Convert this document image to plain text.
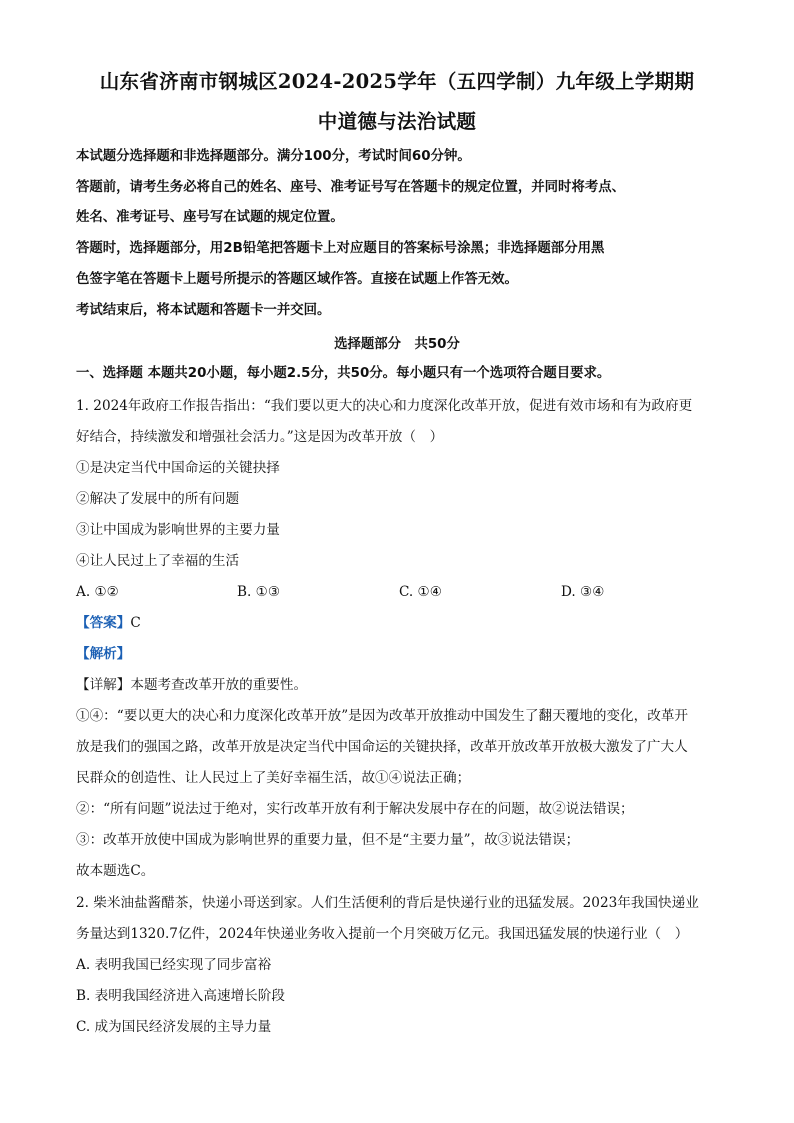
山东省济南市钢城区2024-2025学年（五四学制）九年级上学期期
中道德与法治试题
本试题分选择题和非选择题部分。满分100分，考试时间60分钟。
答题前，请考生务必将自己的姓名、座号、准考证号写在答题卡的规定位置，并同时将考点、
姓名、准考证号、座号写在试题的规定位置。
答题时，选择题部分，用2B铅笔把答题卡上对应题目的答案标号涂黑；非选择题部分用黑
色签字笔在答题卡上题号所提示的答题区域作答。直接在试题上作答无效。
考试结束后，将本试题和答题卡一并交回。
选择题部分　共50分
一、选择题 本题共20小题，每小题2.5分，共50分。每小题只有一个选项符合题目要求。
1. 2024年政府工作报告指出：“我们要以更大的决心和力度深化改革开放，促进有效市场和有为政府更
好结合，持续激发和增强社会活力。”这是因为改革开放（　）
①是决定当代中国命运的关键抉择
②解决了发展中的所有问题
③让中国成为影响世界的主要力量
④让人民过上了幸福的生活
A. ①②	B. ①③	C. ①④	D. ③④
【答案】C
【解析】
【详解】本题考查改革开放的重要性。
①④：“要以更大的决心和力度深化改革开放”是因为改革开放推动中国发生了翻天覆地的变化，改革开
放是我们的强国之路，改革开放是决定当代中国命运的关键抉择，改革开放改革开放极大激发了广大人
民群众的创造性、让人民过上了美好幸福生活，故①④说法正确；
②：“所有问题”说法过于绝对，实行改革开放有利于解决发展中存在的问题，故②说法错误；
③：改革开放使中国成为影响世界的重要力量，但不是“主要力量”，故③说法错误；
故本题选C。
2. 柴米油盐酱醋茶，快递小哥送到家。人们生活便利的背后是快递行业的迅猛发展。2023年我国快递业
务量达到1320.7亿件，2024年快递业务收入提前一个月突破万亿元。我国迅猛发展的快递行业（　）
A. 表明我国已经实现了同步富裕
B. 表明我国经济进入高速增长阶段
C. 成为国民经济发展的主导力量
